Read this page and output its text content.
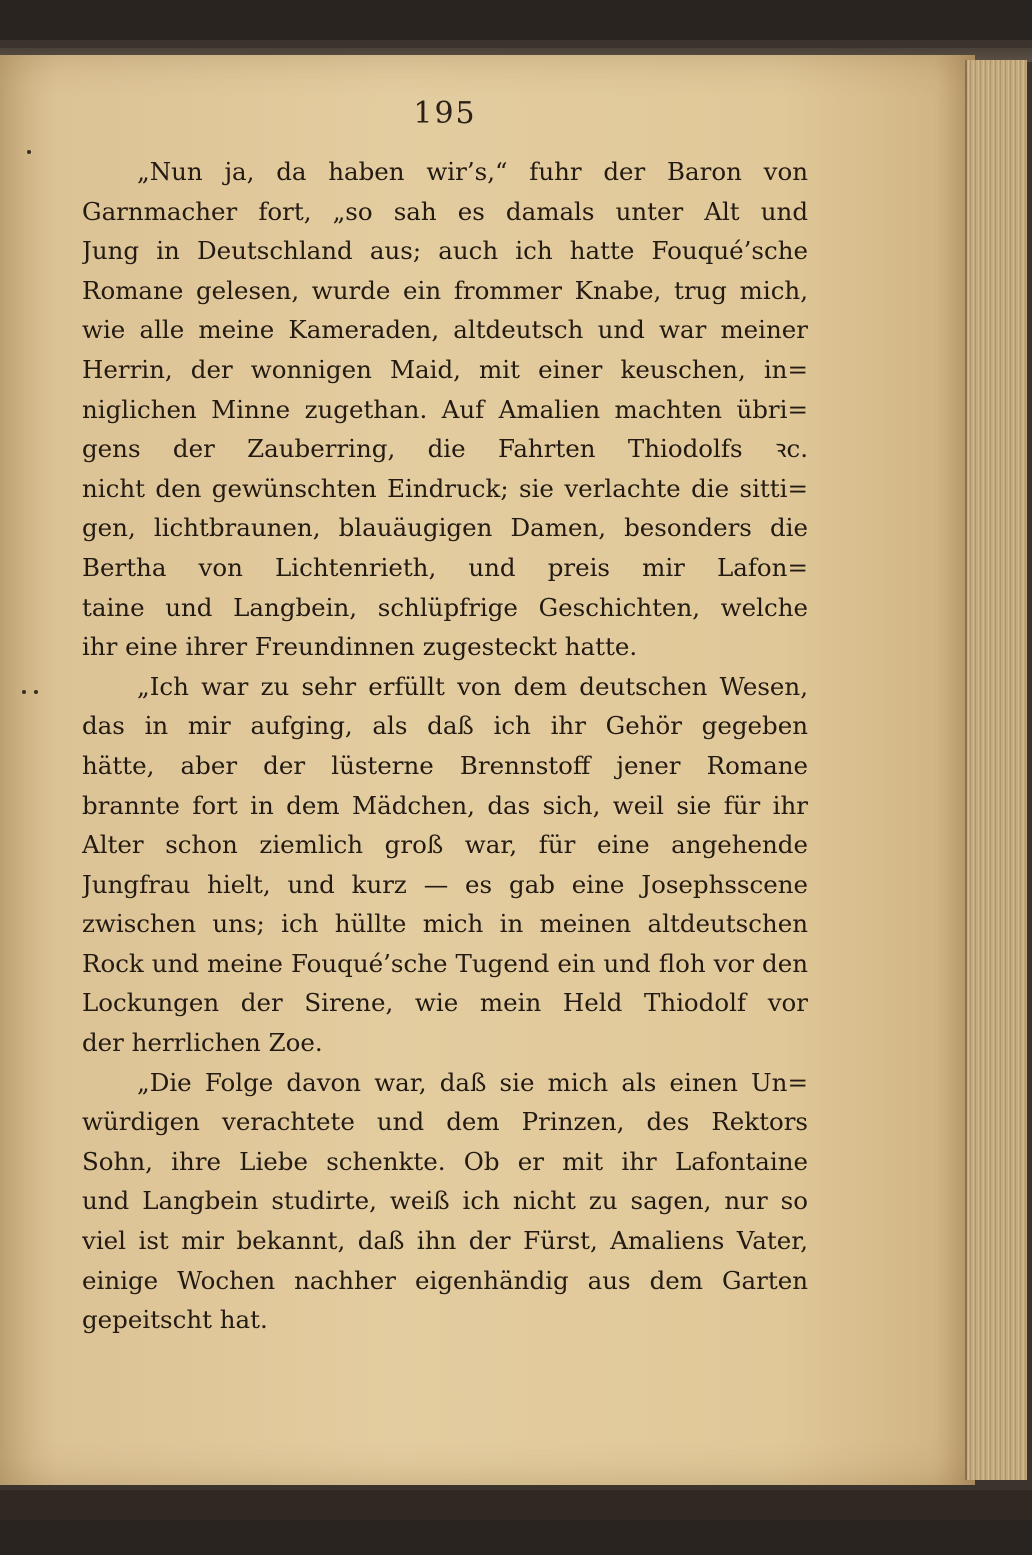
195
„Nun ja, da haben wir’s,“ fuhr der Baron von
Garnmacher fort, „so sah es damals unter Alt und
Jung in Deutschland aus; auch ich hatte Fouqué’sche
Romane gelesen, wurde ein frommer Knabe, trug mich,
wie alle meine Kameraden, altdeutsch und war meiner
Herrin, der wonnigen Maid, mit einer keuschen, in=
niglichen Minne zugethan. Auf Amalien machten übri=
gens der Zauberring, die Fahrten Thiodolfs ꝛc.
nicht den gewünschten Eindruck; sie verlachte die sitti=
gen, lichtbraunen, blauäugigen Damen, besonders die
Bertha von Lichtenrieth, und preis mir Lafon=
taine und Langbein, schlüpfrige Geschichten, welche
ihr eine ihrer Freundinnen zugesteckt hatte.
„Ich war zu sehr erfüllt von dem deutschen Wesen,
das in mir aufging, als daß ich ihr Gehör gegeben
hätte, aber der lüsterne Brennstoff jener Romane
brannte fort in dem Mädchen, das sich, weil sie für ihr
Alter schon ziemlich groß war, für eine angehende
Jungfrau hielt, und kurz — es gab eine Josephsscene
zwischen uns; ich hüllte mich in meinen altdeutschen
Rock und meine Fouqué’sche Tugend ein und floh vor den
Lockungen der Sirene, wie mein Held Thiodolf vor
der herrlichen Zoe.
„Die Folge davon war, daß sie mich als einen Un=
würdigen verachtete und dem Prinzen, des Rektors
Sohn, ihre Liebe schenkte. Ob er mit ihr Lafontaine
und Langbein studirte, weiß ich nicht zu sagen, nur so
viel ist mir bekannt, daß ihn der Fürst, Amaliens Vater,
einige Wochen nachher eigenhändig aus dem Garten
gepeitscht hat.
